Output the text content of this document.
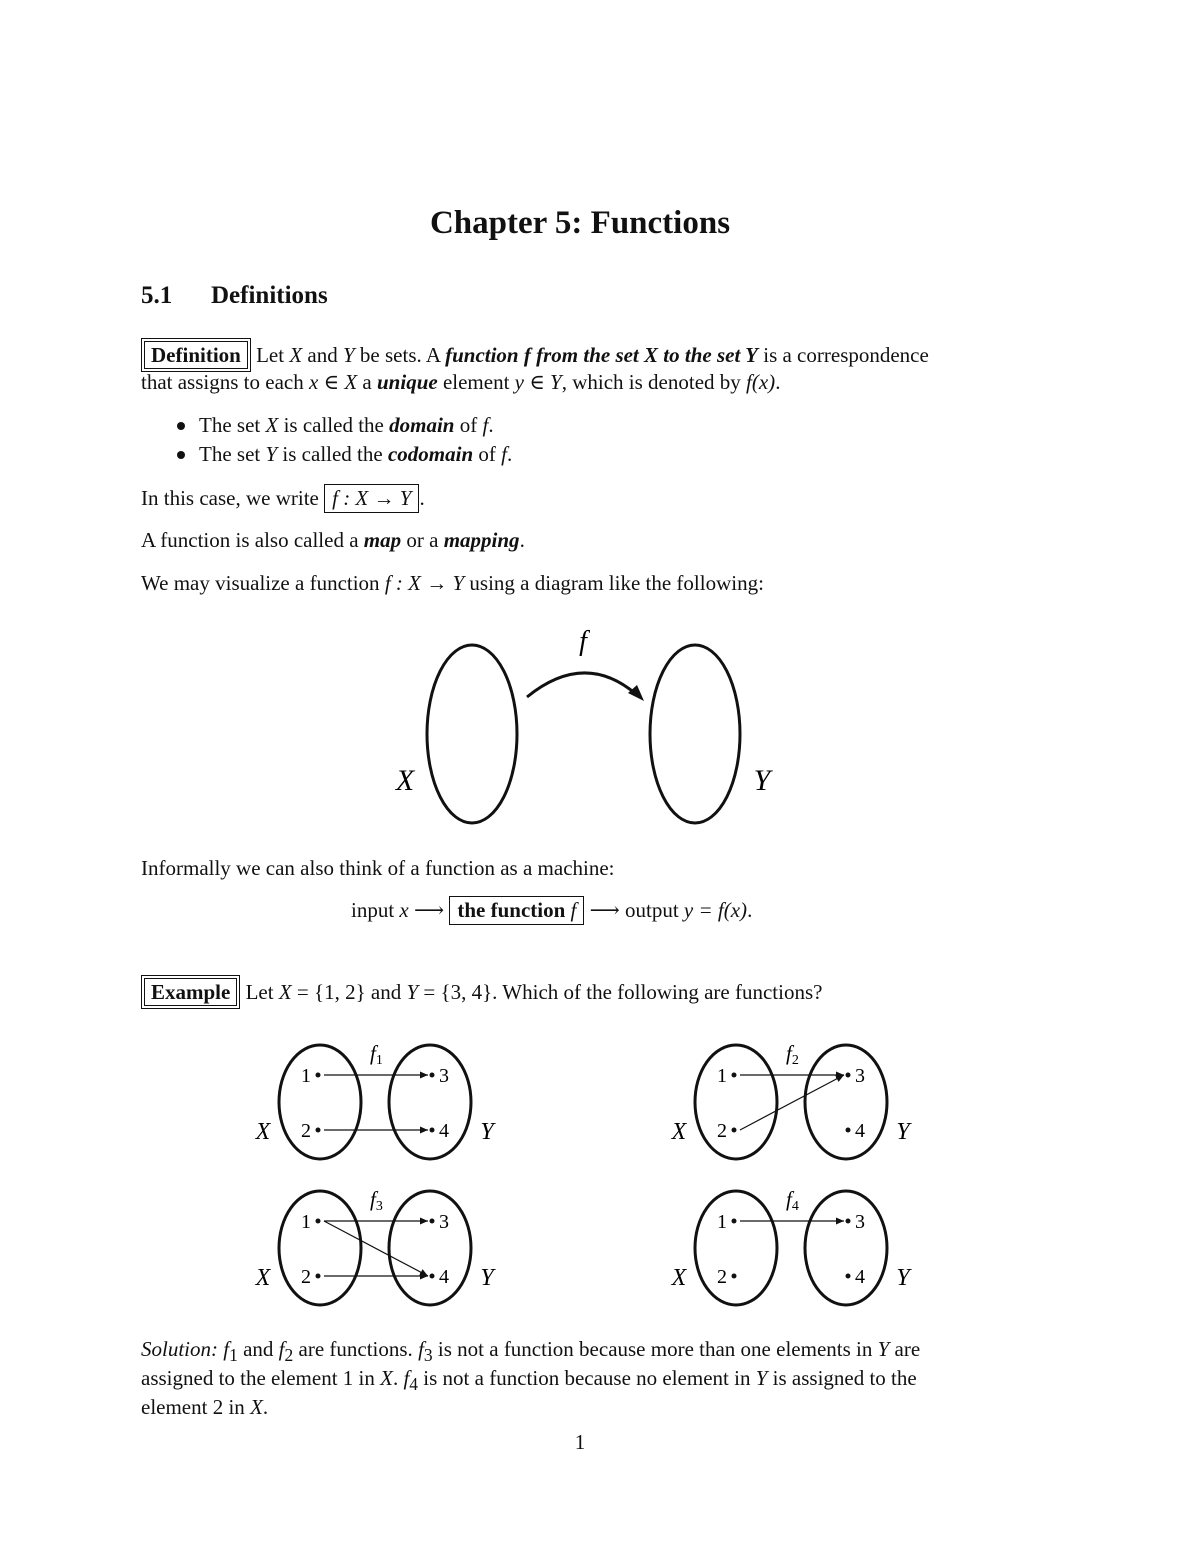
Chapter 5: Functions
5.1 Definitions
Definition Let X and Y be sets. A function f from the set X to the set Y is a correspondence
that assigns to each x ∈ X a unique element y ∈ Y, which is denoted by f(x).
The set X is called the domain of f.
The set Y is called the codomain of f.
In this case, we write f : X → Y .
A function is also called a map or a mapping.
We may visualize a function f : X → Y using a diagram like the following:
f
X	Y
1	3
2	4
f1
X	Y
1	3
2	4
f2
X	Y
1	3
2	4
f3
X	Y
1	3
2	4
f4
X	Y
Informally we can also think of a function as a machine:
input x ⟶ the function f ⟶ output y = f(x).
Example Let X = {1, 2} and Y = {3, 4}. Which of the following are functions?
Solution: $f_1$ and $f_2$ are functions. $f_3$ is not a function because more than one elements in Y are
assigned to the element 1 in X. $f_4$ is not a function because no element in Y is assigned to the
element 2 in X.
1
